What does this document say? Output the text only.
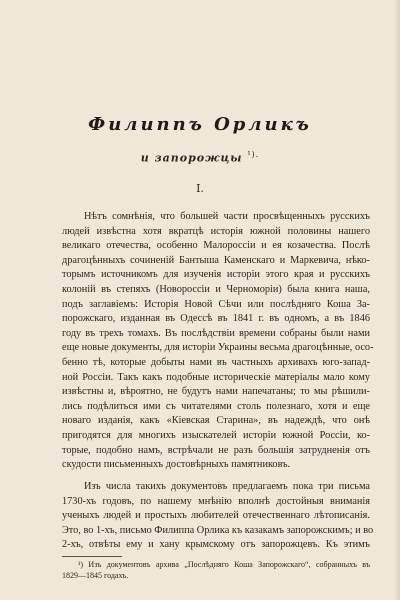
Филиппъ Орликъ
и запорожцы $^{^1).}$
I.
Нѣтъ сомнѣнія, что большей части просвѣщенныхъ русскихъ
людей извѣстна хотя вкратцѣ исторія южной половины нашего
великаго отечества, особенно Малороссіи и ея козачества. Послѣ
драгоцѣнныхъ сочиненій Бантыша Каменскаго и Маркевича, нѣко-
торымъ источникомъ для изученія исторіи этого края и русскихъ
колоній въ степяхъ (Новороссіи и Черноморіи) была книга наша,
подъ заглавіемъ: Исторія Новой Сѣчи или послѣдняго Коша За-
порожскаго, изданная въ Одессѣ въ 1841 г. въ одномъ, а въ 1846
году въ трехъ томахъ. Въ послѣдствіи времени собраны были нами
еще новые документы, для исторіи Украины весьма драгоцѣнные, осо-
бенно тѣ, которые добыты нами въ частныхъ архивахъ юго-запад-
ной Россіи. Такъ какъ подобные историческіе матеріалы мало кому
извѣстны и, вѣроятно, не будутъ нами напечатаны; то мы рѣшили-
лись подѣлиться ими съ читателями столь полезнаго, хотя и еще
новаго изданія, какъ «Кіевская Старина», въ надеждѣ, что онѣ
пригодятся для многихъ изыскателей исторіи южной Россіи, ко-
торые, подобно намъ, встрѣчали не разъ большія затрудненія отъ
скудости письменныхъ достовѣрныхъ памятниковъ.
Изъ числа такихъ документовъ предлагаемъ пока три письма
1730-хъ годовъ, по нашему мнѣнію вполнѣ достойныя вниманія
ученыхъ людей и простыхъ любителей отечественнаго лѣтописанія.
Это, во 1-хъ, письмо Филиппа Орлика къ казакамъ запорожскимъ; и во
2-хъ, отвѣты ему и хану крымскому отъ запорожцевъ. Къ этимъ
¹) Изъ документовъ архива „Послѣдняго Коша Запорожскаго“, собранныхъ въ
1829—1845 годахъ.
